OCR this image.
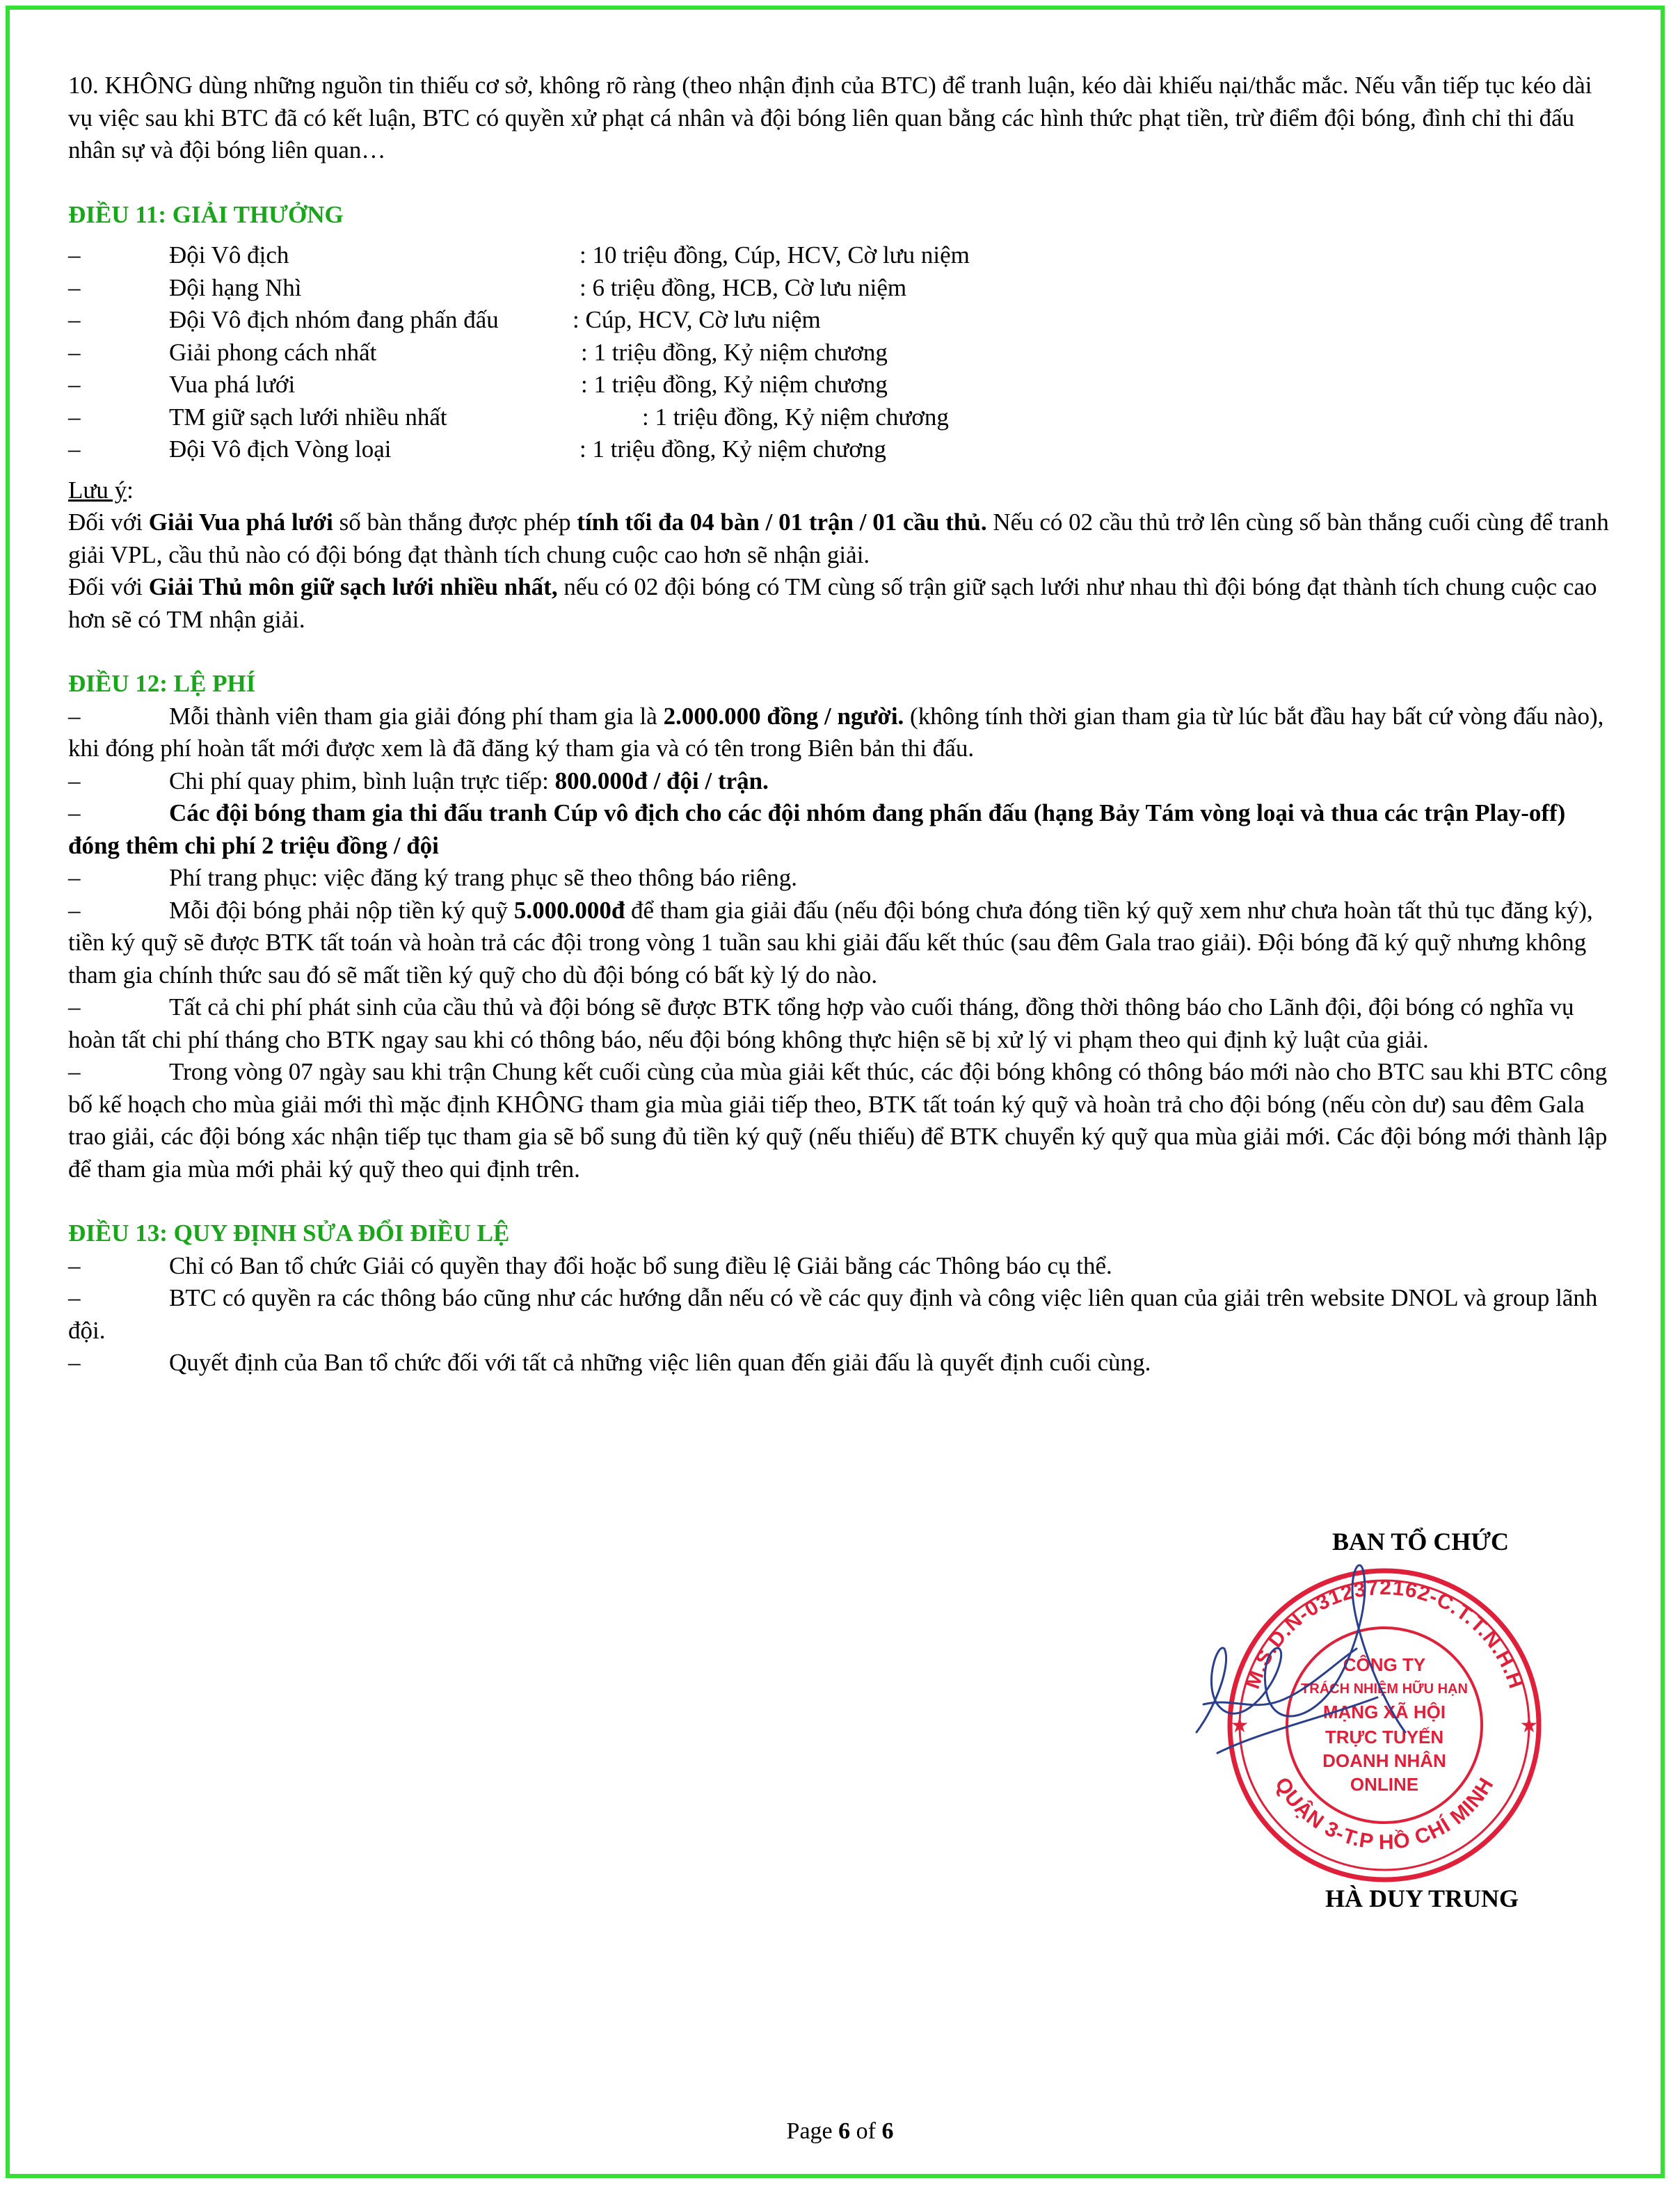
10. KHÔNG dùng những nguồn tin thiếu cơ sở, không rõ ràng (theo nhận định của BTC) để tranh luận, kéo dài khiếu nại/thắc mắc. Nếu vẫn tiếp tục kéo dài vụ việc sau khi BTC đã có kết luận, BTC có quyền xử phạt cá nhân và đội bóng liên quan bằng các hình thức phạt tiền, trừ điểm đội bóng, đình chỉ thi đấu nhân sự và đội bóng liên quan…

ĐIỀU 11: GIẢI THƯỞNG

–	Đội Vô địch	: 10 triệu đồng, Cúp, HCV, Cờ lưu niệm
–	Đội hạng Nhì	: 6 triệu đồng, HCB, Cờ lưu niệm
–	Đội Vô địch nhóm đang phấn đấu	: Cúp, HCV, Cờ lưu niệm
–	Giải phong cách nhất	: 1 triệu đồng, Kỷ niệm chương
–	Vua phá lưới	: 1 triệu đồng, Kỷ niệm chương
–	TM giữ sạch lưới nhiều nhất	: 1 triệu đồng, Kỷ niệm chương
–	Đội Vô địch Vòng loại	: 1 triệu đồng, Kỷ niệm chương

Lưu ý:

Đối với Giải Vua phá lưới số bàn thắng được phép tính tối đa 04 bàn / 01 trận / 01 cầu thủ. Nếu có 02 cầu thủ trở lên cùng số bàn thắng cuối cùng để tranh giải VPL, cầu thủ nào có đội bóng đạt thành tích chung cuộc cao hơn sẽ nhận giải.

Đối với Giải Thủ môn giữ sạch lưới nhiều nhất, nếu có 02 đội bóng có TM cùng số trận giữ sạch lưới như nhau thì đội bóng đạt thành tích chung cuộc cao hơn sẽ có TM nhận giải.

ĐIỀU 12: LỆ PHÍ

–	Mỗi thành viên tham gia giải đóng phí tham gia là 2.000.000 đồng / người. (không tính thời gian tham gia từ lúc bắt đầu hay bất cứ vòng đấu nào), khi đóng phí hoàn tất mới được xem là đã đăng ký tham gia và có tên trong Biên bản thi đấu.

–	Chi phí quay phim, bình luận trực tiếp: 800.000đ / đội / trận.

–	Các đội bóng tham gia thi đấu tranh Cúp vô địch cho các đội nhóm đang phấn đấu (hạng Bảy Tám vòng loại và thua các trận Play-off) đóng thêm chi phí 2 triệu đồng / đội

–	Phí trang phục: việc đăng ký trang phục sẽ theo thông báo riêng.

–	Mỗi đội bóng phải nộp tiền ký quỹ 5.000.000đ để tham gia giải đấu (nếu đội bóng chưa đóng tiền ký quỹ xem như chưa hoàn tất thủ tục đăng ký), tiền ký quỹ sẽ được BTK tất toán và hoàn trả các đội trong vòng 1 tuần sau khi giải đấu kết thúc (sau đêm Gala trao giải). Đội bóng đã ký quỹ nhưng không tham gia chính thức sau đó sẽ mất tiền ký quỹ cho dù đội bóng có bất kỳ lý do nào.

–	Tất cả chi phí phát sinh của cầu thủ và đội bóng sẽ được BTK tổng hợp vào cuối tháng, đồng thời thông báo cho Lãnh đội, đội bóng có nghĩa vụ hoàn tất chi phí tháng cho BTK ngay sau khi có thông báo, nếu đội bóng không thực hiện sẽ bị xử lý vi phạm theo qui định kỷ luật của giải.

–	Trong vòng 07 ngày sau khi trận Chung kết cuối cùng của mùa giải kết thúc, các đội bóng không có thông báo mới nào cho BTC sau khi BTC công bố kế hoạch cho mùa giải mới thì mặc định KHÔNG tham gia mùa giải tiếp theo, BTK tất toán ký quỹ và hoàn trả cho đội bóng (nếu còn dư) sau đêm Gala trao giải, các đội bóng xác nhận tiếp tục tham gia sẽ bổ sung đủ tiền ký quỹ (nếu thiếu) để BTK chuyển ký quỹ qua mùa giải mới. Các đội bóng mới thành lập để tham gia mùa mới phải ký quỹ theo qui định trên.

ĐIỀU 13: QUY ĐỊNH SỬA ĐỔI ĐIỀU LỆ

–	Chỉ có Ban tổ chức Giải có quyền thay đổi hoặc bổ sung điều lệ Giải bằng các Thông báo cụ thể.

–	BTC có quyền ra các thông báo cũng như các hướng dẫn nếu có về các quy định và công việc liên quan của giải trên website DNOL và group lãnh đội.

–	Quyết định của Ban tổ chức đối với tất cả những việc liên quan đến giải đấu là quyết định cuối cùng.

BAN TỔ CHỨC
M.S.D.N-0312372162-C.T.T.N.H.H
QUẬN 3-T.P HỒ CHÍ MINH
CÔNG TY
TRÁCH NHIỆM HỮU HẠN
MẠNG XÃ HỘI
TRỰC TUYẾN
DOANH NHÂN
ONLINE
★	★
HÀ DUY TRUNG
Page 6 of 6
